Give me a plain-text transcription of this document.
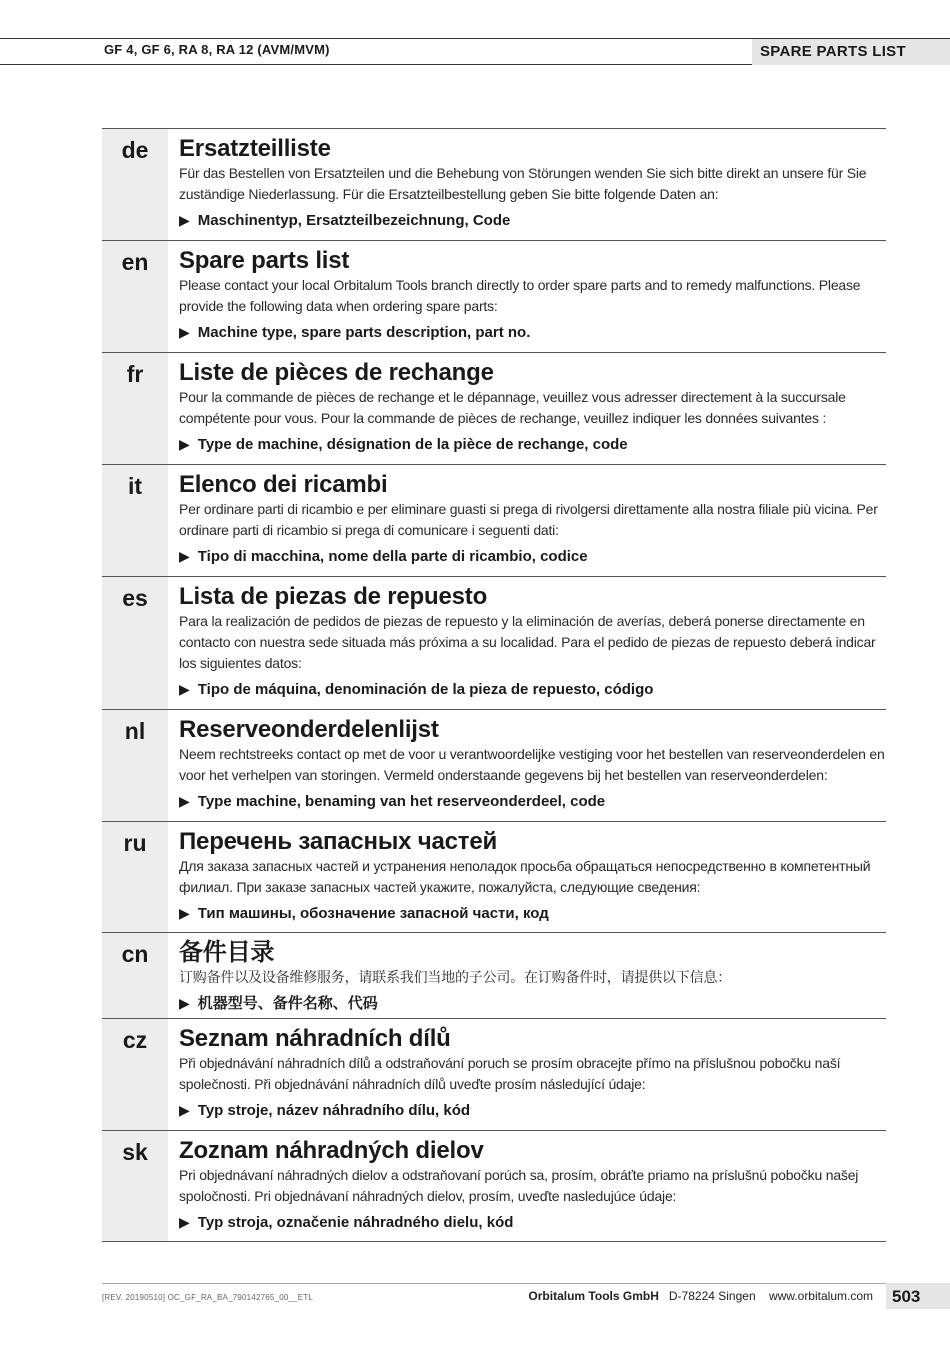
GF 4, GF 6, RA 8, RA 12 (AVM/MVM)	SPARE PARTS LIST
de	Ersatzteilliste
Für das Bestellen von Ersatzteilen und die Behebung von Störungen wenden Sie sich bitte direkt an unsere für Sie zuständige Niederlassung. Für die Ersatzteilbestellung geben Sie bitte folgende Daten an:
▶ Maschinentyp, Ersatzteilbezeichnung, Code
en	Spare parts list
Please contact your local Orbitalum Tools branch directly to order spare parts and to remedy malfunctions. Please provide the following data when ordering spare parts:
▶ Machine type, spare parts description, part no.
fr	Liste de pièces de rechange
Pour la commande de pièces de rechange et le dépannage, veuillez vous adresser directement à la succursale compétente pour vous. Pour la commande de pièces de rechange, veuillez indiquer les données suivantes :
▶ Type de machine, désignation de la pièce de rechange, code
it	Elenco dei ricambi
Per ordinare parti di ricambio e per eliminare guasti si prega di rivolgersi direttamente alla nostra filiale più vicina. Per ordinare parti di ricambio si prega di comunicare i seguenti dati:
▶ Tipo di macchina, nome della parte di ricambio, codice
es	Lista de piezas de repuesto
Para la realización de pedidos de piezas de repuesto y la eliminación de averías, deberá ponerse directamente en contacto con nuestra sede situada más próxima a su localidad. Para el pedido de piezas de repuesto deberá indicar los siguientes datos:
▶ Tipo de máquina, denominación de la pieza de repuesto, código
nl	Reserveonderdelenlijst
Neem rechtstreeks contact op met de voor u verantwoordelijke vestiging voor het bestellen van reserveonderdelen en voor het verhelpen van storingen. Vermeld onderstaande gegevens bij het bestellen van reserveonderdelen:
▶ Type machine, benaming van het reserveonderdeel, code
ru	Перечень запасных частей
Для заказа запасных частей и устранения неполадок просьба обращаться непосредственно в компетентный филиал. При заказе запасных частей укажите, пожалуйста, следующие сведения:
▶ Тип машины, обозначение запасной части, код
cn	备件目录
订购备件以及设备维修服务，请联系我们当地的子公司。在订购备件时，请提供以下信息：
▶ 机器型号、备件名称、代码
cz	Seznam náhradních dílů
Při objednávání náhradních dílů a odstraňování poruch se prosím obracejte přímo na příslušnou pobočku naší společnosti. Při objednávání náhradních dílů uveďte prosím následující údaje:
▶ Typ stroje, název náhradního dílu, kód
sk	Zoznam náhradných dielov
Pri objednávaní náhradných dielov a odstraňovaní porúch sa, prosím, obráťte priamo na príslušnú pobočku našej spoločnosti. Pri objednávaní náhradných dielov, prosím, uveďte nasledujúce údaje:
▶ Typ stroja, označenie náhradného dielu, kód
[REV. 20190510] OC_GF_RA_BA_790142765_00__ETL	Orbitalum Tools GmbH D-78224 Singen www.orbitalum.com	503
